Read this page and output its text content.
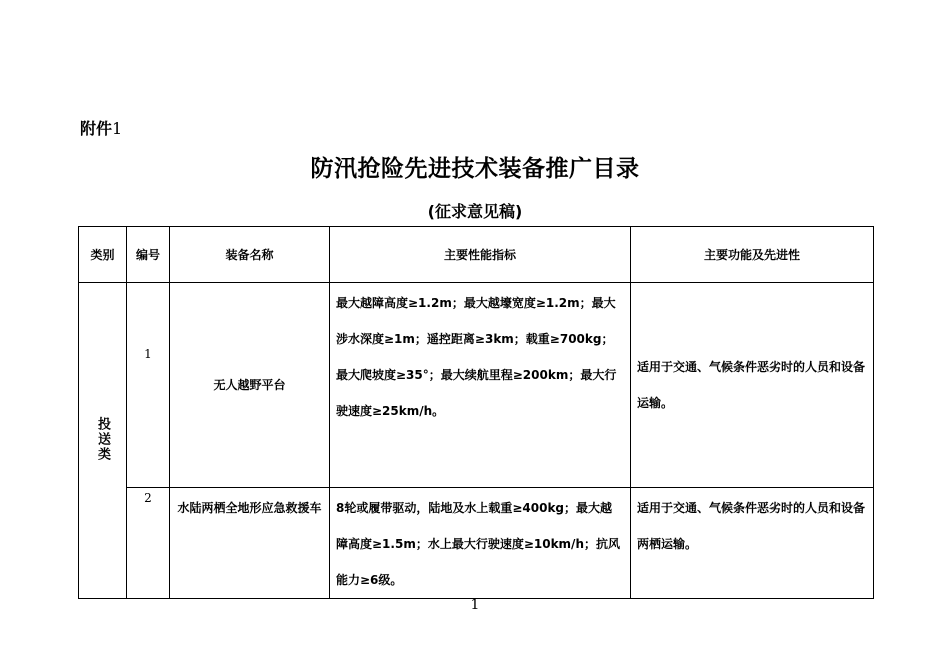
附件1
防汛抢险先进技术装备推广目录
(征求意见稿)
类别	编号	装备名称	主要性能指标	主要功能及先进性
投送类	1	无人越野平台	最大越障高度≥1.2m；最大越壕宽度≥1.2m；最大涉水深度≥1m；遥控距离≥3km；载重≥700kg；最大爬坡度≥35°；最大续航里程≥200km；最大行驶速度≥25km/h。	适用于交通、气候条件恶劣时的人员和设备运输。
	2	水陆两栖全地形应急救援车	8轮或履带驱动，陆地及水上载重≥400kg；最大越障高度≥1.5m；水上最大行驶速度≥10km/h；抗风能力≥6级。	适用于交通、气候条件恶劣时的人员和设备两栖运输。
1
